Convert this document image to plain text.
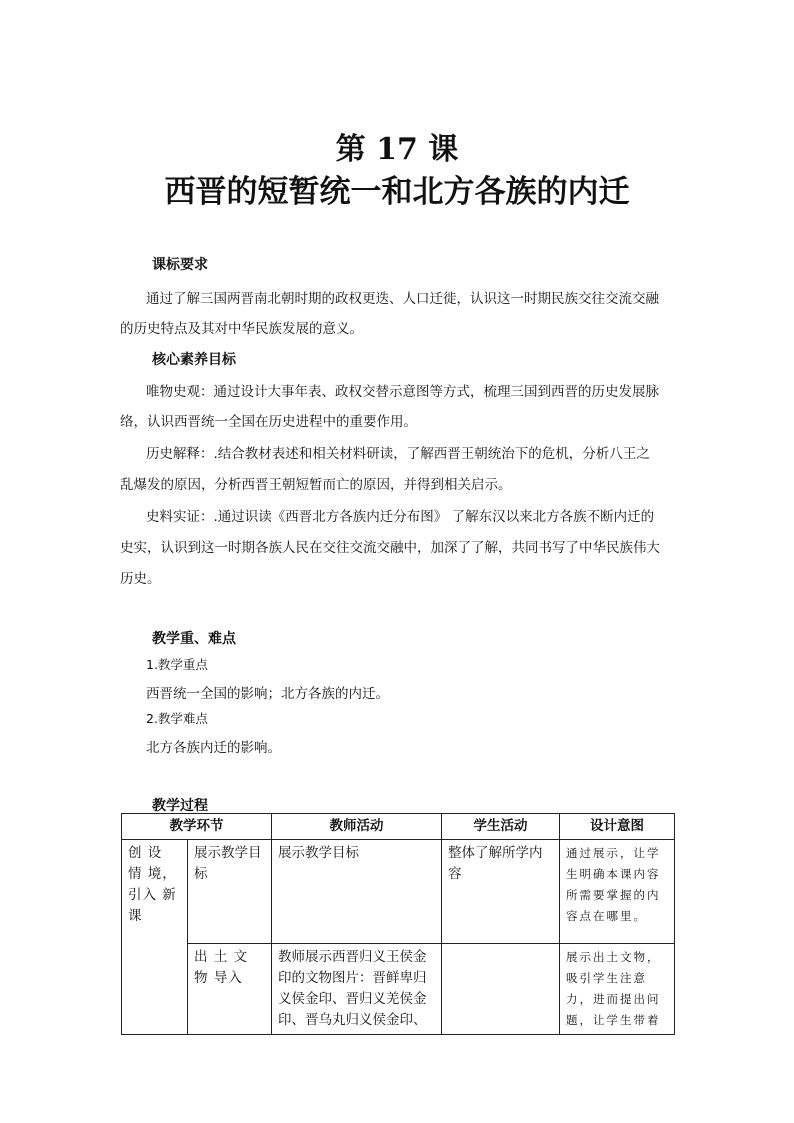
第 17 课
西晋的短暂统一和北方各族的内迁
课标要求
通过了解三国两晋南北朝时期的政权更迭、人口迁徙，认识这一时期民族交往交流交融
的历史特点及其对中华民族发展的意义。
核心素养目标
唯物史观：通过设计大事年表、政权交替示意图等方式，梳理三国到西晋的历史发展脉
络，认识西晋统一全国在历史进程中的重要作用。
历史解释：.结合教材表述和相关材料研读，了解西晋王朝统治下的危机，分析八王之
乱爆发的原因，分析西晋王朝短暂而亡的原因，并得到相关启示。
史料实证：.通过识读《西晋北方各族内迁分布图》 了解东汉以来北方各族不断内迁的
史实，认识到这一时期各族人民在交往交流交融中，加深了了解，共同书写了中华民族伟大
历史。
教学重、难点
1.教学重点
西晋统一全国的影响；北方各族的内迁。
2.教学难点
北方各族内迁的影响。
教学过程
教学环节		教师活动	学生活动	设计意图
创 设 情 境，引入 新课	展示教学目标	展示教学目标	整体了解所学内容	通过展示，让学生明确本课内容所需要掌握的内容点在哪里。
	出 土 文 物 导入	教师展示西晋归义王侯金印的文物图片：晋鲜卑归义侯金印、晋归义羌侯金印、晋乌丸归义侯金印、		展示出土文物，吸引学生注意力，进而提出问题，让学生带着
